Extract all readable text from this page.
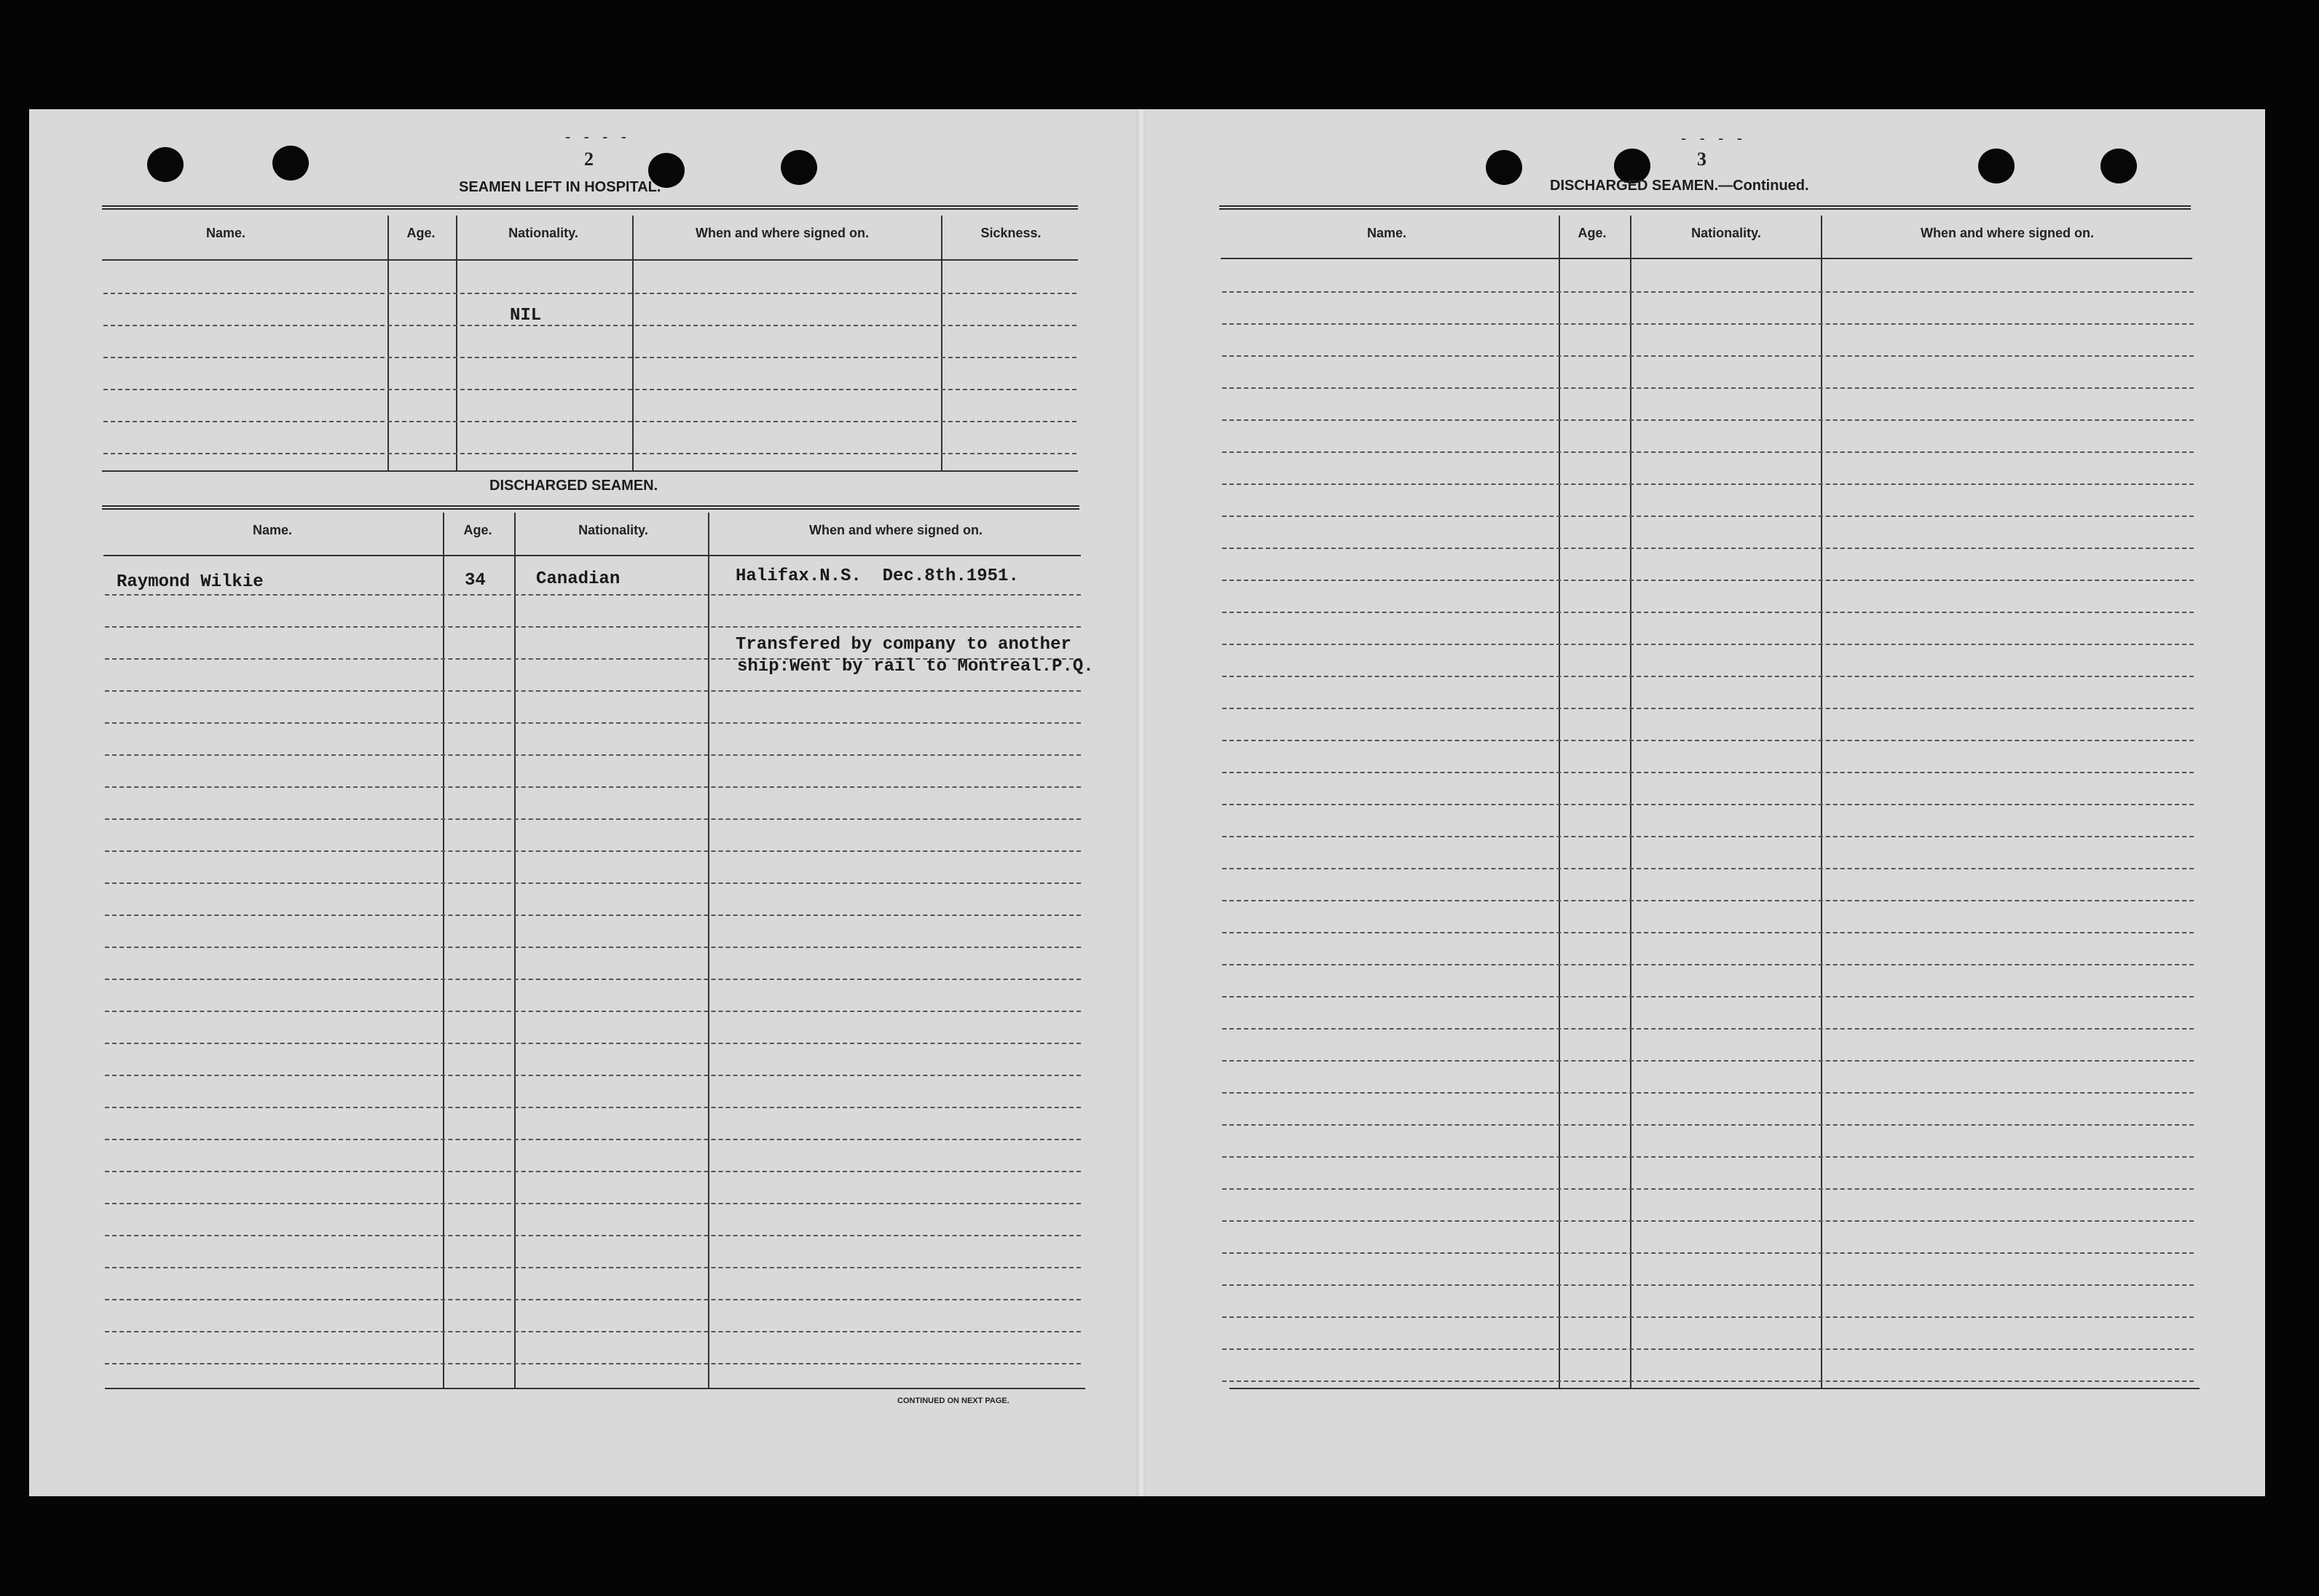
- - - -
2
SEAMEN LEFT IN HOSPITAL.
Name.	Age.	Nationality.	When and where signed on.	Sickness.
NIL
DISCHARGED SEAMEN.
Name.	Age.	Nationality.	When and where signed on.
Raymond Wilkie	34	Canadian	Halifax.N.S.  Dec.8th.1951.
Transfered by company to another
ship:Went by rail to Montreal.P.Q.
CONTINUED ON NEXT PAGE.
- - - -
3
DISCHARGED SEAMEN.—Continued.
Name.	Age.	Nationality.	When and where signed on.
